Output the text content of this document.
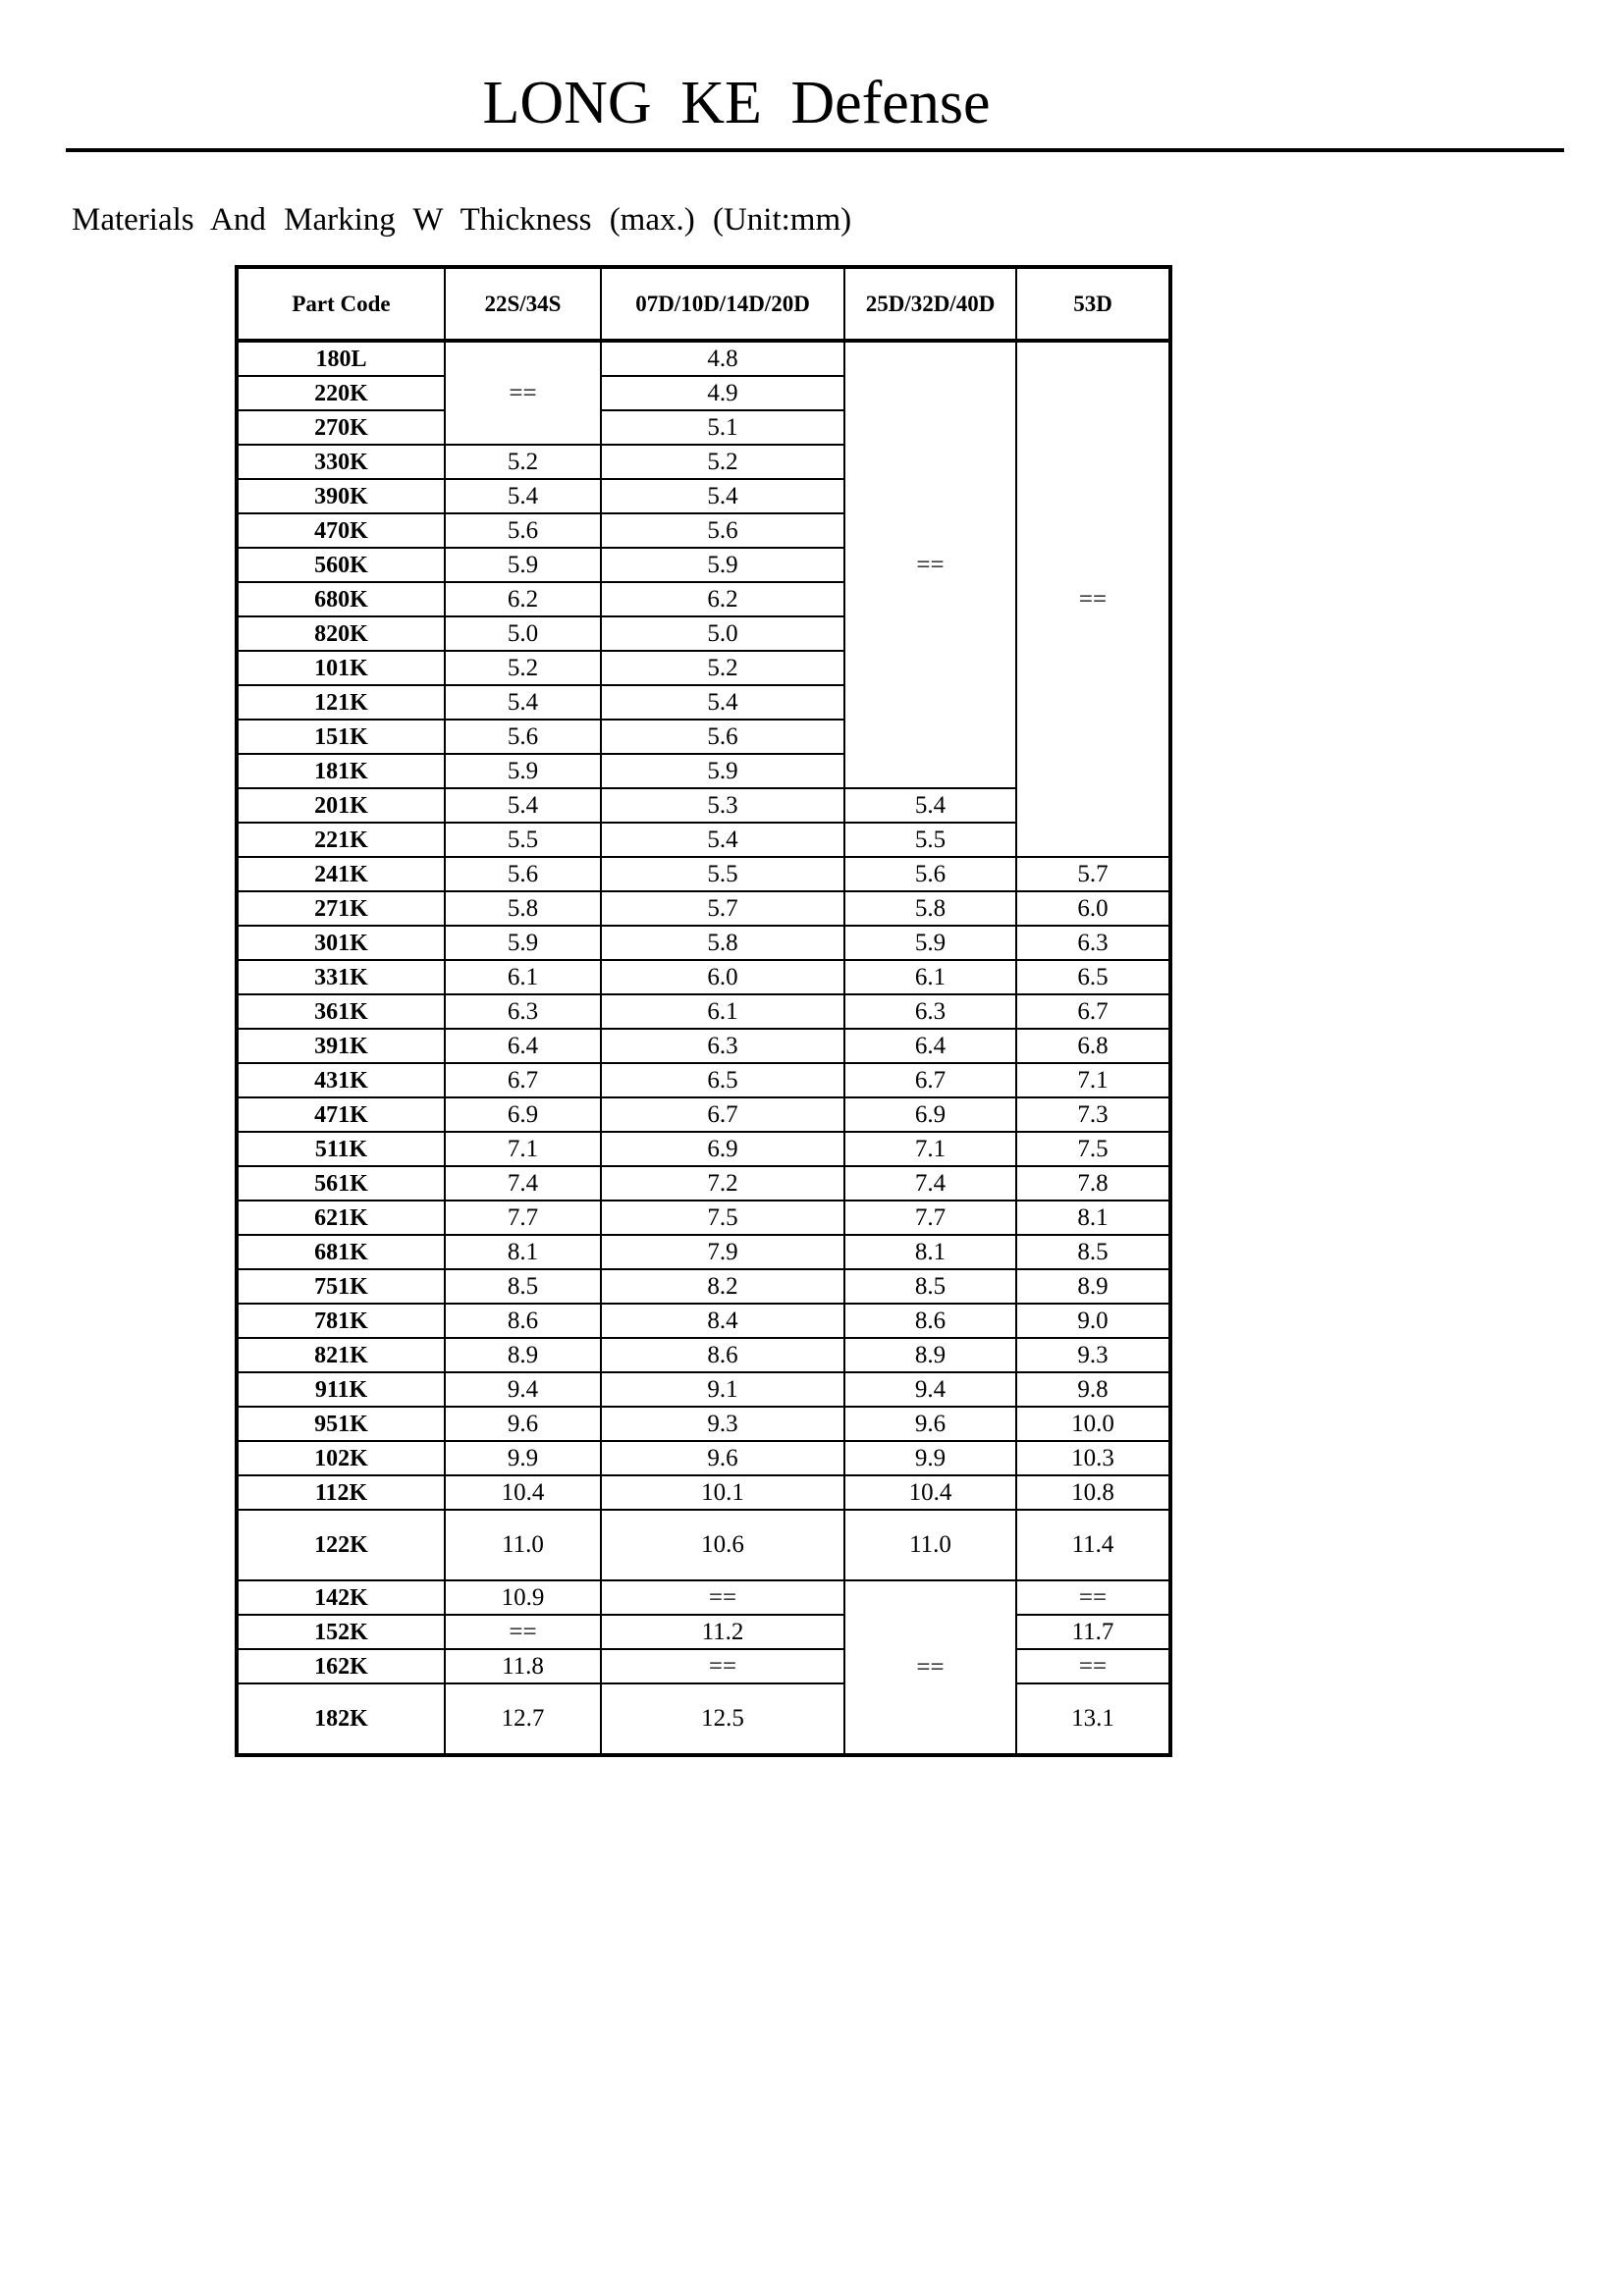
LONG KE Defense
Materials And Marking W Thickness (max.) (Unit:mm)
Part Code	22S/34S	07D/10D/14D/20D	25D/32D/40D	53D
180L	==	4.8	==	==
220K		4.9		
270K		5.1		
330K	5.2	5.2		
390K	5.4	5.4		
470K	5.6	5.6		
560K	5.9	5.9		
680K	6.2	6.2		
820K	5.0	5.0		
101K	5.2	5.2		
121K	5.4	5.4		
151K	5.6	5.6		
181K	5.9	5.9		
201K	5.4	5.3	5.4	
221K	5.5	5.4	5.5	
241K	5.6	5.5	5.6	5.7
271K	5.8	5.7	5.8	6.0
301K	5.9	5.8	5.9	6.3
331K	6.1	6.0	6.1	6.5
361K	6.3	6.1	6.3	6.7
391K	6.4	6.3	6.4	6.8
431K	6.7	6.5	6.7	7.1
471K	6.9	6.7	6.9	7.3
511K	7.1	6.9	7.1	7.5
561K	7.4	7.2	7.4	7.8
621K	7.7	7.5	7.7	8.1
681K	8.1	7.9	8.1	8.5
751K	8.5	8.2	8.5	8.9
781K	8.6	8.4	8.6	9.0
821K	8.9	8.6	8.9	9.3
911K	9.4	9.1	9.4	9.8
951K	9.6	9.3	9.6	10.0
102K	9.9	9.6	9.9	10.3
112K	10.4	10.1	10.4	10.8
122K	11.0	10.6	11.0	11.4
142K	10.9	==	==	==
152K	==	11.2		11.7
162K	11.8	==		==
182K	12.7	12.5		13.1
